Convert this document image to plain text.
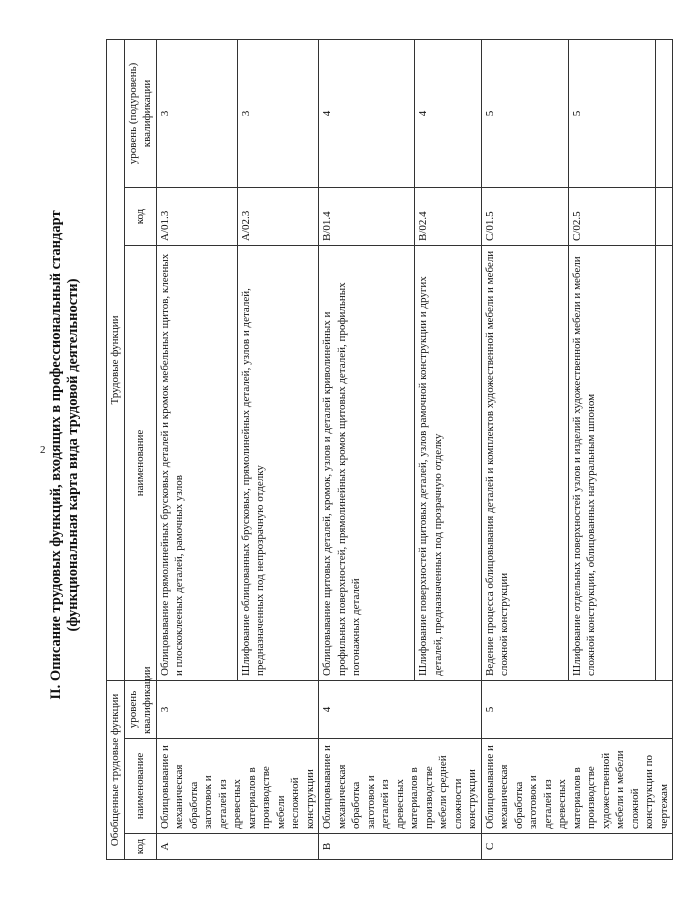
2 II. Описание трудовых функций, входящих в профессиональный стандарт (функциональная карта вида трудовой деятельности)
Обобщенные трудовые функции			Трудовые функции		
код	наименование	уровень квалификации	наименование	код	уровень (подуровень) квалификации
A	Облицовывание и механическая обработка заготовок и деталей из древесных материалов в производстве мебели несложной конструкции	3	Облицовывание прямолинейных брусковых деталей и кромок мебельных щитов, клееных и плоскоклееных деталей, рамочных узлов	A/01.3	3
			Шлифование облицованных брусковых, прямолинейных деталей, узлов и деталей, предназначенных под непрозрачную отделку	A/02.3	3
B	Облицовывание и механическая обработка заготовок и деталей из древесных материалов в производстве мебели средней сложности конструкции	4	Облицовывание щитовых деталей, кромок, узлов и деталей криволинейных и профильных поверхностей, прямолинейных кромок щитовых деталей, профильных погонажных деталей	B/01.4	4
			Шлифование поверхностей щитовых деталей, узлов рамочной конструкции и других деталей, предназначенных под прозрачную отделку	B/02.4	4
C	Облицовывание и механическая обработка заготовок и деталей из древесных материалов в производстве художественной мебели и мебели сложной конструкции по чертежам	5	Ведение процесса облицовывания деталей и комплектов художественной мебели и мебели сложной конструкции	C/01.5	5
			Шлифование отдельных поверхностей узлов и изделий художественной мебели и мебели сложной конструкции, облицованных натуральным шпоном	C/02.5	5
